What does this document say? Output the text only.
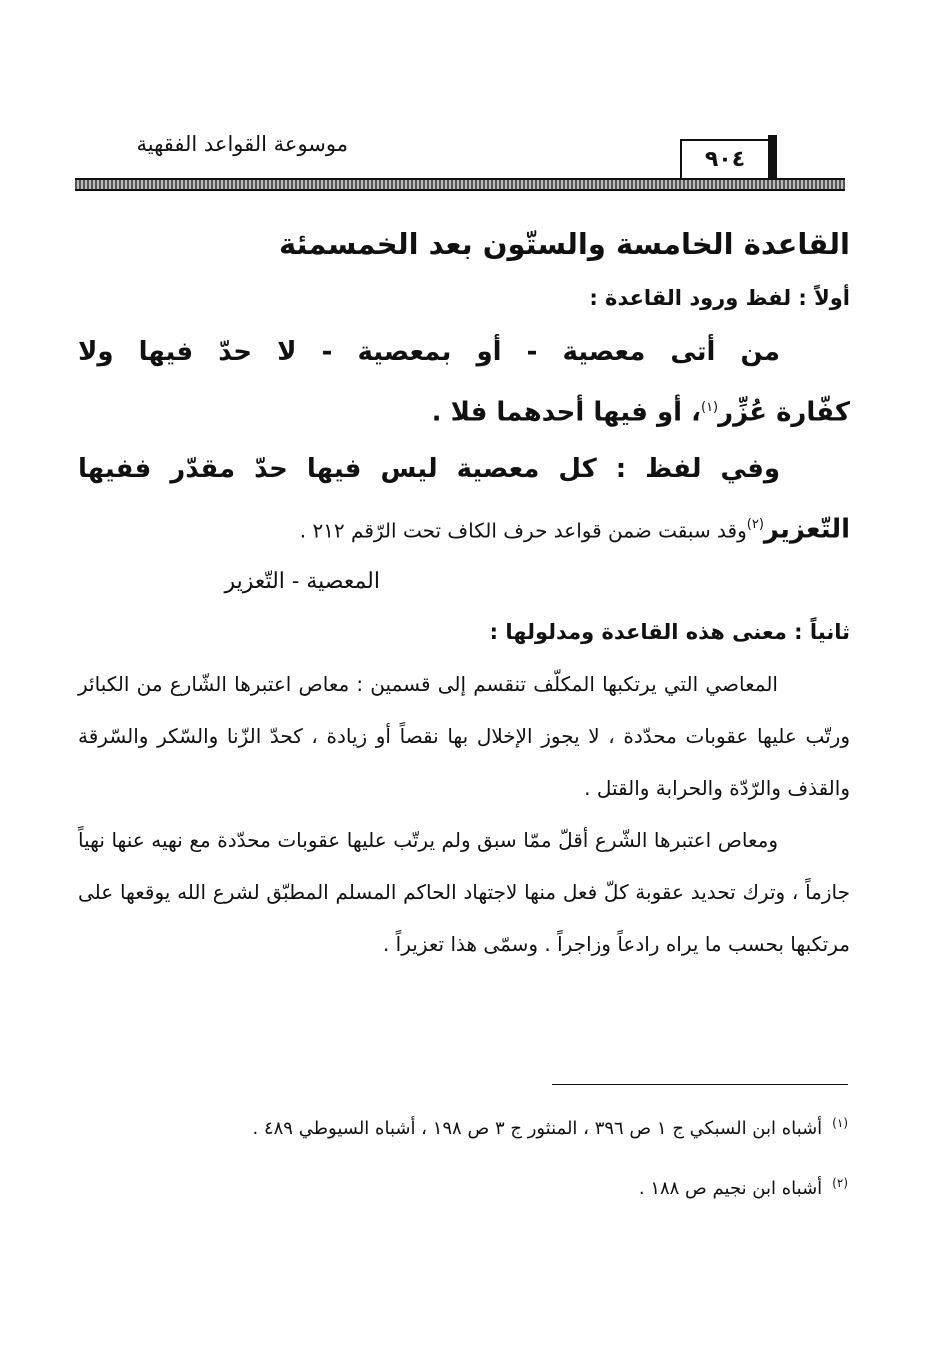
٩٠٤
موسوعة القواعد الفقهية
القاعدة الخامسة والستّون بعد الخمسمئة
أولاً : لفظ ورود القاعدة :
من أتى معصية - أو بمعصية - لا حدّ فيها ولا
كفّارة عُزِّر$^{(١)}$، أو فيها أحدهما فلا .
وفي لفظ : كل معصية ليس فيها حدّ مقدّر ففيها
التّعزير$^{(٢)}$وقد سبقت ضمن قواعد حرف الكاف تحت الرّقم ٢١٢ .
المعصية - التّعزير
ثانياً : معنى هذه القاعدة ومدلولها :

المعاصي التي يرتكبها المكلّف تنقسم إلى قسمين : معاص اعتبرها الشّارع من الكبائر ورتّب عليها عقوبات محدّدة ، لا يجوز الإخلال بها نقصاً أو زيادة ، كحدّ الزّنا والسّكر والسّرقة والقذف والرّدّة والحرابة والقتل .

ومعاص اعتبرها الشّرع أقلّ ممّا سبق ولم يرتّب عليها عقوبات محدّدة مع نهيه عنها نهياً جازماً ، وترك تحديد عقوبة كلّ فعل منها لاجتهاد الحاكم المسلم المطبّق لشرع الله يوقعها على مرتكبها بحسب ما يراه رادعاً وزاجراً . وسمّى هذا تعزيراً .

$^{(١)}$أشباه ابن السبكي ج ١ ص ٣٩٦ ، المنثور ج ٣ ص ١٩٨ ، أشباه السيوطي ٤٨٩ .

$^{(٢)}$أشباه ابن نجيم ص ١٨٨ .
